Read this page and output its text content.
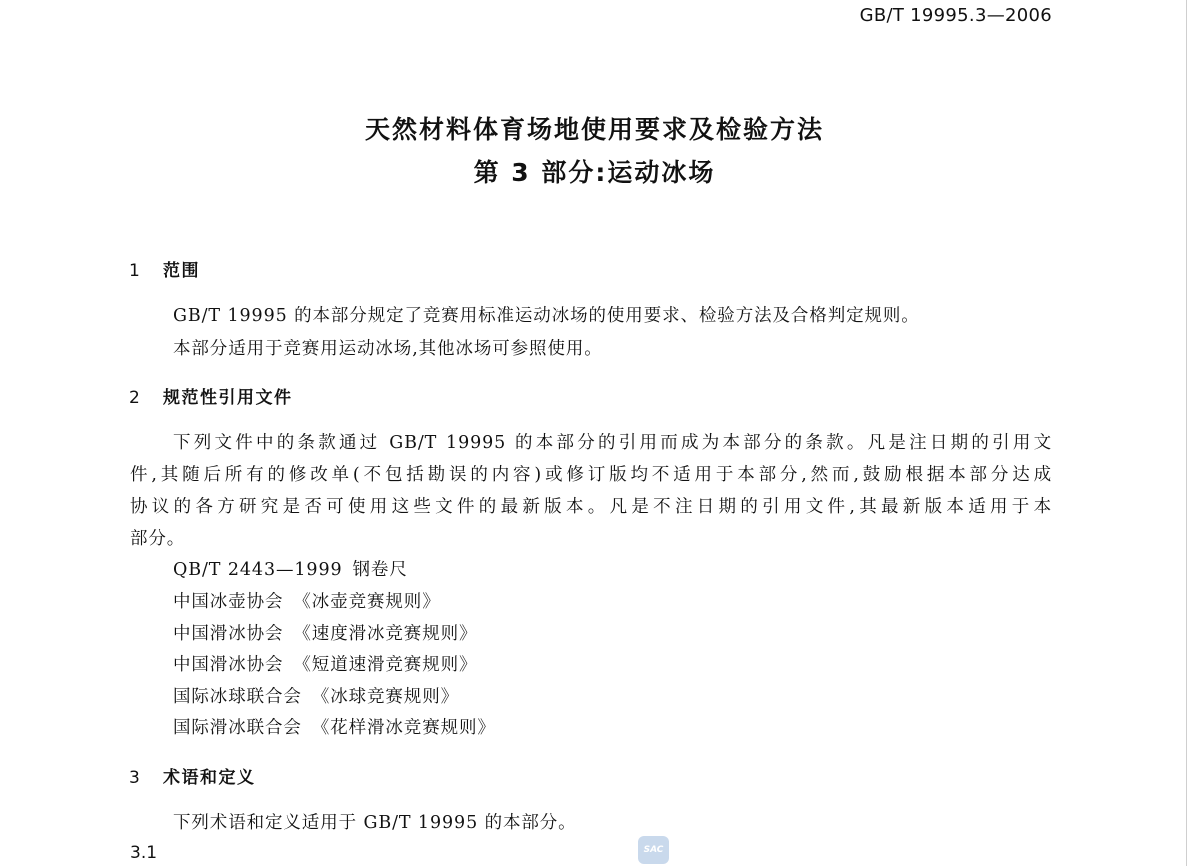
GB/T 19995.3—2006
天然材料体育场地使用要求及检验方法
第 3 部分:运动冰场
1 范围
GB/T 19995 的本部分规定了竞赛用标准运动冰场的使用要求、检验方法及合格判定规则。
本部分适用于竞赛用运动冰场,其他冰场可参照使用。
2 规范性引用文件
下列文件中的条款通过 GB/T 19995 的本部分的引用而成为本部分的条款。凡是注日期的引用文
件,其随后所有的修改单(不包括勘误的内容)或修订版均不适用于本部分,然而,鼓励根据本部分达成
协议的各方研究是否可使用这些文件的最新版本。凡是不注日期的引用文件,其最新版本适用于本
部分。
QB/T 2443—1999 钢卷尺
中国冰壶协会 《冰壶竞赛规则》
中国滑冰协会 《速度滑冰竞赛规则》
中国滑冰协会 《短道速滑竞赛规则》
国际冰球联合会 《冰球竞赛规则》
国际滑冰联合会 《花样滑冰竞赛规则》
3 术语和定义
下列术语和定义适用于 GB/T 19995 的本部分。
3.1	SAC
